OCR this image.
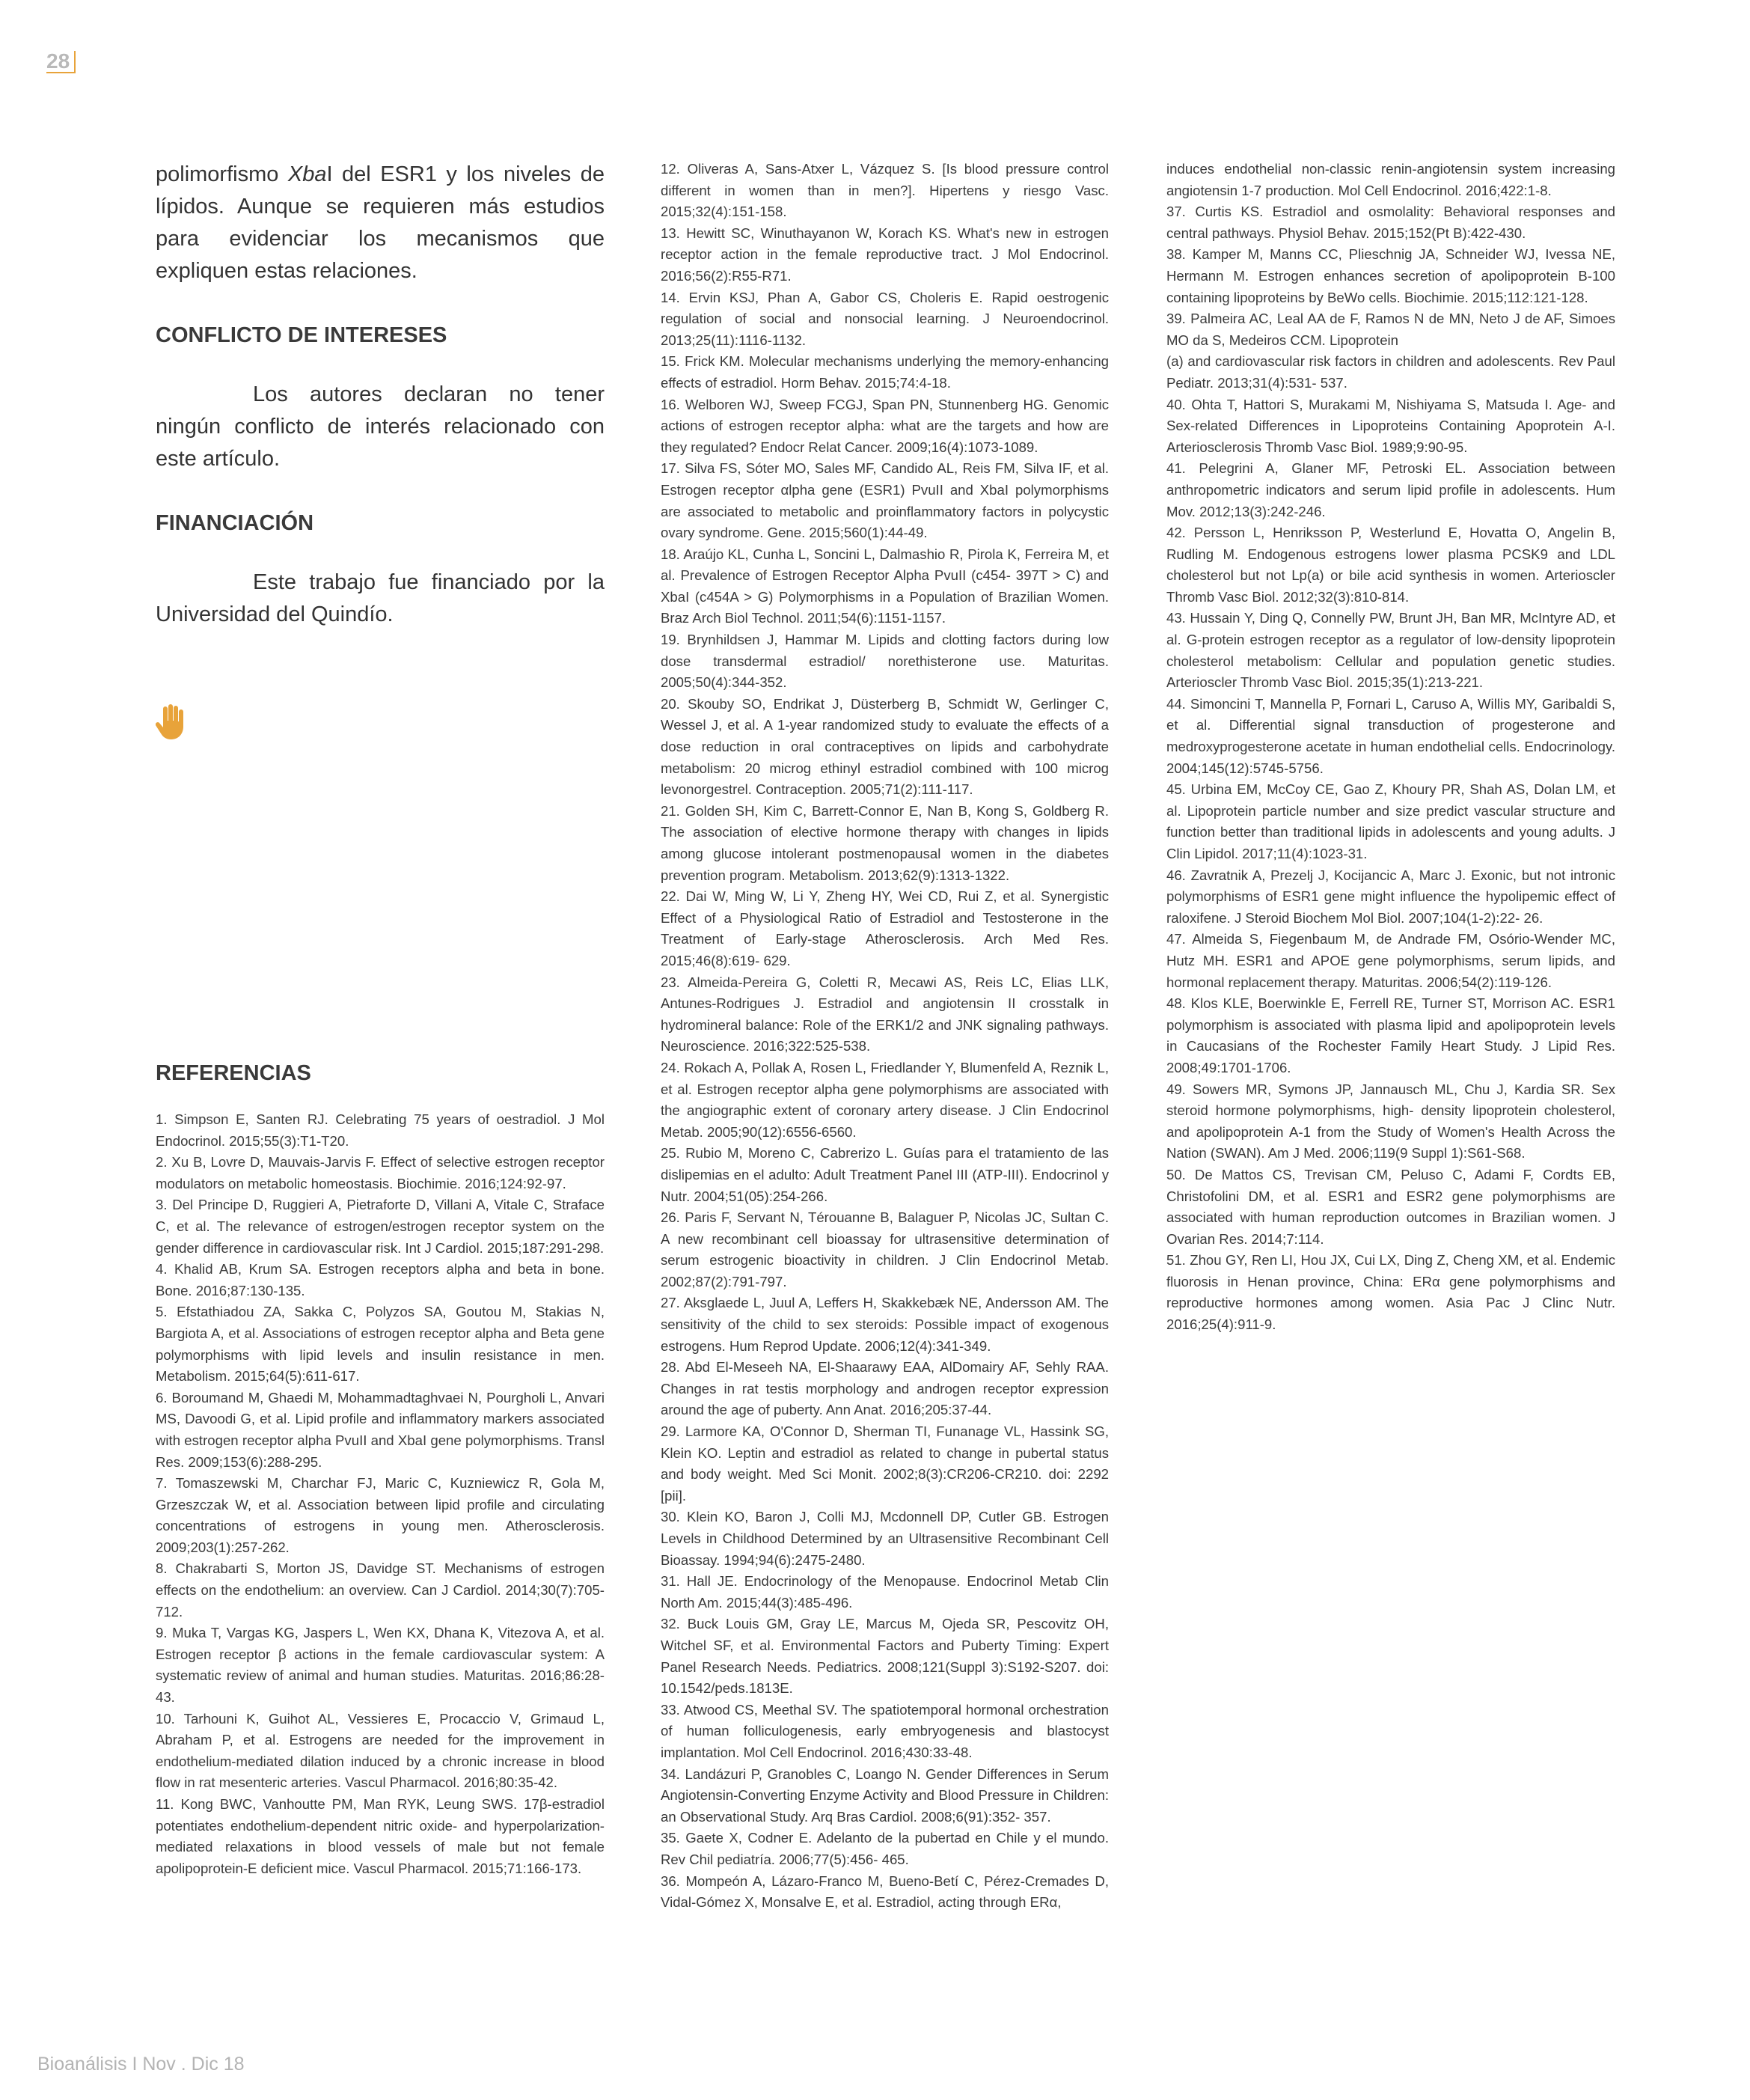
28

polimorfismo XbaI del ESR1 y los niveles de lípidos. Aunque se requieren más estudios para evidenciar los mecanismos que expliquen estas relaciones.

CONFLICTO DE INTERESES

Los autores declaran no tener ningún conflicto de interés relacionado con este artículo.

FINANCIACIÓN

Este trabajo fue financiado por la Universidad del Quindío.

REFERENCIAS

1. Simpson E, Santen RJ. Celebrating 75 years of oestradiol. J Mol Endocrinol. 2015;55(3):T1-T20.

2. Xu B, Lovre D, Mauvais-Jarvis F. Effect of selective estrogen receptor modulators on metabolic homeostasis. Biochimie. 2016;124:92-97.

3. Del Principe D, Ruggieri A, Pietraforte D, Villani A, Vitale C, Straface C, et al. The relevance of estrogen/estrogen receptor system on the gender difference in cardiovascular risk. Int J Cardiol. 2015;187:291-298.

4. Khalid AB, Krum SA. Estrogen receptors alpha and beta in bone. Bone. 2016;87:130-135.

5. Efstathiadou ZA, Sakka C, Polyzos SA, Goutou M, Stakias N, Bargiota A, et al. Associations of estrogen receptor alpha and Beta gene polymorphisms with lipid levels and insulin resistance in men. Metabolism. 2015;64(5):611-617.

6. Boroumand M, Ghaedi M, Mohammadtaghvaei N, Pourgholi L, Anvari MS, Davoodi G, et al. Lipid profile and inflammatory markers associated with estrogen receptor alpha PvuII and XbaI gene polymorphisms. Transl Res. 2009;153(6):288-295.

7. Tomaszewski M, Charchar FJ, Maric C, Kuzniewicz R, Gola M, Grzeszczak W, et al. Association between lipid profile and circulating concentrations of estrogens in young men. Atherosclerosis. 2009;203(1):257-262.

8. Chakrabarti S, Morton JS, Davidge ST. Mechanisms of estrogen effects on the endothelium: an overview. Can J Cardiol. 2014;30(7):705-712.

9. Muka T, Vargas KG, Jaspers L, Wen KX, Dhana K, Vitezova A, et al. Estrogen receptor β actions in the female cardiovascular system: A systematic review of animal and human studies. Maturitas. 2016;86:28-43.

10. Tarhouni K, Guihot AL, Vessieres E, Procaccio V, Grimaud L, Abraham P, et al. Estrogens are needed for the improvement in endothelium-mediated dilation induced by a chronic increase in blood flow in rat mesenteric arteries. Vascul Pharmacol. 2016;80:35-42.

11. Kong BWC, Vanhoutte PM, Man RYK, Leung SWS. 17β-estradiol potentiates endothelium-dependent nitric oxide- and hyperpolarization-mediated relaxations in blood vessels of male but not female apolipoprotein-E deficient mice. Vascul Pharmacol. 2015;71:166-173.

12. Oliveras A, Sans-Atxer L, Vázquez S. [Is blood pressure control different in women than in men?]. Hipertens y riesgo Vasc. 2015;32(4):151-158.

13. Hewitt SC, Winuthayanon W, Korach KS. What's new in estrogen receptor action in the female reproductive tract. J Mol Endocrinol. 2016;56(2):R55-R71.

14. Ervin KSJ, Phan A, Gabor CS, Choleris E. Rapid oestrogenic regulation of social and nonsocial learning. J Neuroendocrinol. 2013;25(11):1116-1132.

15. Frick KM. Molecular mechanisms underlying the memory-enhancing effects of estradiol. Horm Behav. 2015;74:4-18.

16. Welboren WJ, Sweep FCGJ, Span PN, Stunnenberg HG. Genomic actions of estrogen receptor alpha: what are the targets and how are they regulated? Endocr Relat Cancer. 2009;16(4):1073-1089.

17. Silva FS, Sóter MO, Sales MF, Candido AL, Reis FM, Silva IF, et al. Estrogen receptor αlpha gene (ESR1) PvuII and XbaI polymorphisms are associated to metabolic and proinflammatory factors in polycystic ovary syndrome. Gene. 2015;560(1):44-49.

18. Araújo KL, Cunha L, Soncini L, Dalmashio R, Pirola K, Ferreira M, et al. Prevalence of Estrogen Receptor Alpha PvuII (c454- 397T > C) and XbaI (c454A > G) Polymorphisms in a Population of Brazilian Women. Braz Arch Biol Technol. 2011;54(6):1151-1157.

19. Brynhildsen J, Hammar M. Lipids and clotting factors during low dose transdermal estradiol/ norethisterone use. Maturitas. 2005;50(4):344-352.

20. Skouby SO, Endrikat J, Düsterberg B, Schmidt W, Gerlinger C, Wessel J, et al. A 1-year randomized study to evaluate the effects of a dose reduction in oral contraceptives on lipids and carbohydrate metabolism: 20 microg ethinyl estradiol combined with 100 microg levonorgestrel. Contraception. 2005;71(2):111-117.

21. Golden SH, Kim C, Barrett-Connor E, Nan B, Kong S, Goldberg R. The association of elective hormone therapy with changes in lipids among glucose intolerant postmenopausal women in the diabetes prevention program. Metabolism. 2013;62(9):1313-1322.

22. Dai W, Ming W, Li Y, Zheng HY, Wei CD, Rui Z, et al. Synergistic Effect of a Physiological Ratio of Estradiol and Testosterone in the Treatment of Early-stage Atherosclerosis. Arch Med Res. 2015;46(8):619- 629.

23. Almeida-Pereira G, Coletti R, Mecawi AS, Reis LC, Elias LLK, Antunes-Rodrigues J. Estradiol and angiotensin II crosstalk in hydromineral balance: Role of the ERK1/2 and JNK signaling pathways. Neuroscience. 2016;322:525-538.

24. Rokach A, Pollak A, Rosen L, Friedlander Y, Blumenfeld A, Reznik L, et al. Estrogen receptor alpha gene polymorphisms are associated with the angiographic extent of coronary artery disease. J Clin Endocrinol Metab. 2005;90(12):6556-6560.

25. Rubio M, Moreno C, Cabrerizo L. Guías para el tratamiento de las dislipemias en el adulto: Adult Treatment Panel III (ATP-III). Endocrinol y Nutr. 2004;51(05):254-266.

26. Paris F, Servant N, Térouanne B, Balaguer P, Nicolas JC, Sultan C. A new recombinant cell bioassay for ultrasensitive determination of serum estrogenic bioactivity in children. J Clin Endocrinol Metab. 2002;87(2):791-797.

27. Aksglaede L, Juul A, Leffers H, Skakkebæk NE, Andersson AM. The sensitivity of the child to sex steroids: Possible impact of exogenous estrogens. Hum Reprod Update. 2006;12(4):341-349.

28. Abd El-Meseeh NA, El-Shaarawy EAA, AlDomairy AF, Sehly RAA. Changes in rat testis morphology and androgen receptor expression around the age of puberty. Ann Anat. 2016;205:37-44.

29. Larmore KA, O'Connor D, Sherman TI, Funanage VL, Hassink SG, Klein KO. Leptin and estradiol as related to change in pubertal status and body weight. Med Sci Monit. 2002;8(3):CR206-CR210. doi: 2292 [pii].

30. Klein KO, Baron J, Colli MJ, Mcdonnell DP, Cutler GB. Estrogen Levels in Childhood Determined by an Ultrasensitive Recombinant Cell Bioassay. 1994;94(6):2475-2480.

31. Hall JE. Endocrinology of the Menopause. Endocrinol Metab Clin North Am. 2015;44(3):485-496.

32. Buck Louis GM, Gray LE, Marcus M, Ojeda SR, Pescovitz OH, Witchel SF, et al. Environmental Factors and Puberty Timing: Expert Panel Research Needs. Pediatrics. 2008;121(Suppl 3):S192-S207. doi: 10.1542/peds.1813E.

33. Atwood CS, Meethal SV. The spatiotemporal hormonal orchestration of human folliculogenesis, early embryogenesis and blastocyst implantation. Mol Cell Endocrinol. 2016;430:33-48.

34. Landázuri P, Granobles C, Loango N. Gender Differences in Serum Angiotensin-Converting Enzyme Activity and Blood Pressure in Children: an Observational Study. Arq Bras Cardiol. 2008;6(91):352- 357.

35. Gaete X, Codner E. Adelanto de la pubertad en Chile y el mundo. Rev Chil pediatría. 2006;77(5):456- 465.

36. Mompeón A, Lázaro-Franco M, Bueno-Betí C, Pérez-Cremades D, Vidal-Gómez X, Monsalve E, et al. Estradiol, acting through ERα,

induces endothelial non-classic renin-angiotensin system increasing angiotensin 1-7 production. Mol Cell Endocrinol. 2016;422:1-8.

37. Curtis KS. Estradiol and osmolality: Behavioral responses and central pathways. Physiol Behav. 2015;152(Pt B):422-430.

38. Kamper M, Manns CC, Plieschnig JA, Schneider WJ, Ivessa NE, Hermann M. Estrogen enhances secretion of apolipoprotein B-100 containing lipoproteins by BeWo cells. Biochimie. 2015;112:121-128.

39. Palmeira AC, Leal AA de F, Ramos N de MN, Neto J de AF, Simoes MO da S, Medeiros CCM. Lipoprotein

(a) and cardiovascular risk factors in children and adolescents. Rev Paul Pediatr. 2013;31(4):531- 537.

40. Ohta T, Hattori S, Murakami M, Nishiyama S, Matsuda I. Age- and Sex-related Differences in Lipoproteins Containing Apoprotein A-I. Arteriosclerosis Thromb Vasc Biol. 1989;9:90-95.

41. Pelegrini A, Glaner MF, Petroski EL. Association between anthropometric indicators and serum lipid profile in adolescents. Hum Mov. 2012;13(3):242-246.

42. Persson L, Henriksson P, Westerlund E, Hovatta O, Angelin B, Rudling M. Endogenous estrogens lower plasma PCSK9 and LDL cholesterol but not Lp(a) or bile acid synthesis in women. Arterioscler Thromb Vasc Biol. 2012;32(3):810-814.

43. Hussain Y, Ding Q, Connelly PW, Brunt JH, Ban MR, McIntyre AD, et al. G-protein estrogen receptor as a regulator of low-density lipoprotein cholesterol metabolism: Cellular and population genetic studies. Arterioscler Thromb Vasc Biol. 2015;35(1):213-221.

44. Simoncini T, Mannella P, Fornari L, Caruso A, Willis MY, Garibaldi S, et al. Differential signal transduction of progesterone and medroxyprogesterone acetate in human endothelial cells. Endocrinology. 2004;145(12):5745-5756.

45. Urbina EM, McCoy CE, Gao Z, Khoury PR, Shah AS, Dolan LM, et al. Lipoprotein particle number and size predict vascular structure and function better than traditional lipids in adolescents and young adults. J Clin Lipidol. 2017;11(4):1023-31.

46. Zavratnik A, Prezelj J, Kocijancic A, Marc J. Exonic, but not intronic polymorphisms of ESR1 gene might influence the hypolipemic effect of raloxifene. J Steroid Biochem Mol Biol. 2007;104(1-2):22- 26.

47. Almeida S, Fiegenbaum M, de Andrade FM, Osório-Wender MC, Hutz MH. ESR1 and APOE gene polymorphisms, serum lipids, and hormonal replacement therapy. Maturitas. 2006;54(2):119-126.

48. Klos KLE, Boerwinkle E, Ferrell RE, Turner ST, Morrison AC. ESR1 polymorphism is associated with plasma lipid and apolipoprotein levels in Caucasians of the Rochester Family Heart Study. J Lipid Res. 2008;49:1701-1706.

49. Sowers MR, Symons JP, Jannausch ML, Chu J, Kardia SR. Sex steroid hormone polymorphisms, high- density lipoprotein cholesterol, and apolipoprotein A-1 from the Study of Women's Health Across the Nation (SWAN). Am J Med. 2006;119(9 Suppl 1):S61-S68.

50. De Mattos CS, Trevisan CM, Peluso C, Adami F, Cordts EB, Christofolini DM, et al. ESR1 and ESR2 gene polymorphisms are associated with human reproduction outcomes in Brazilian women. J Ovarian Res. 2014;7:114.

51. Zhou GY, Ren LI, Hou JX, Cui LX, Ding Z, Cheng XM, et al. Endemic fluorosis in Henan province, China: ERα gene polymorphisms and reproductive hormones among women. Asia Pac J Clinc Nutr. 2016;25(4):911-9.

Bioanálisis I Nov . Dic 18
